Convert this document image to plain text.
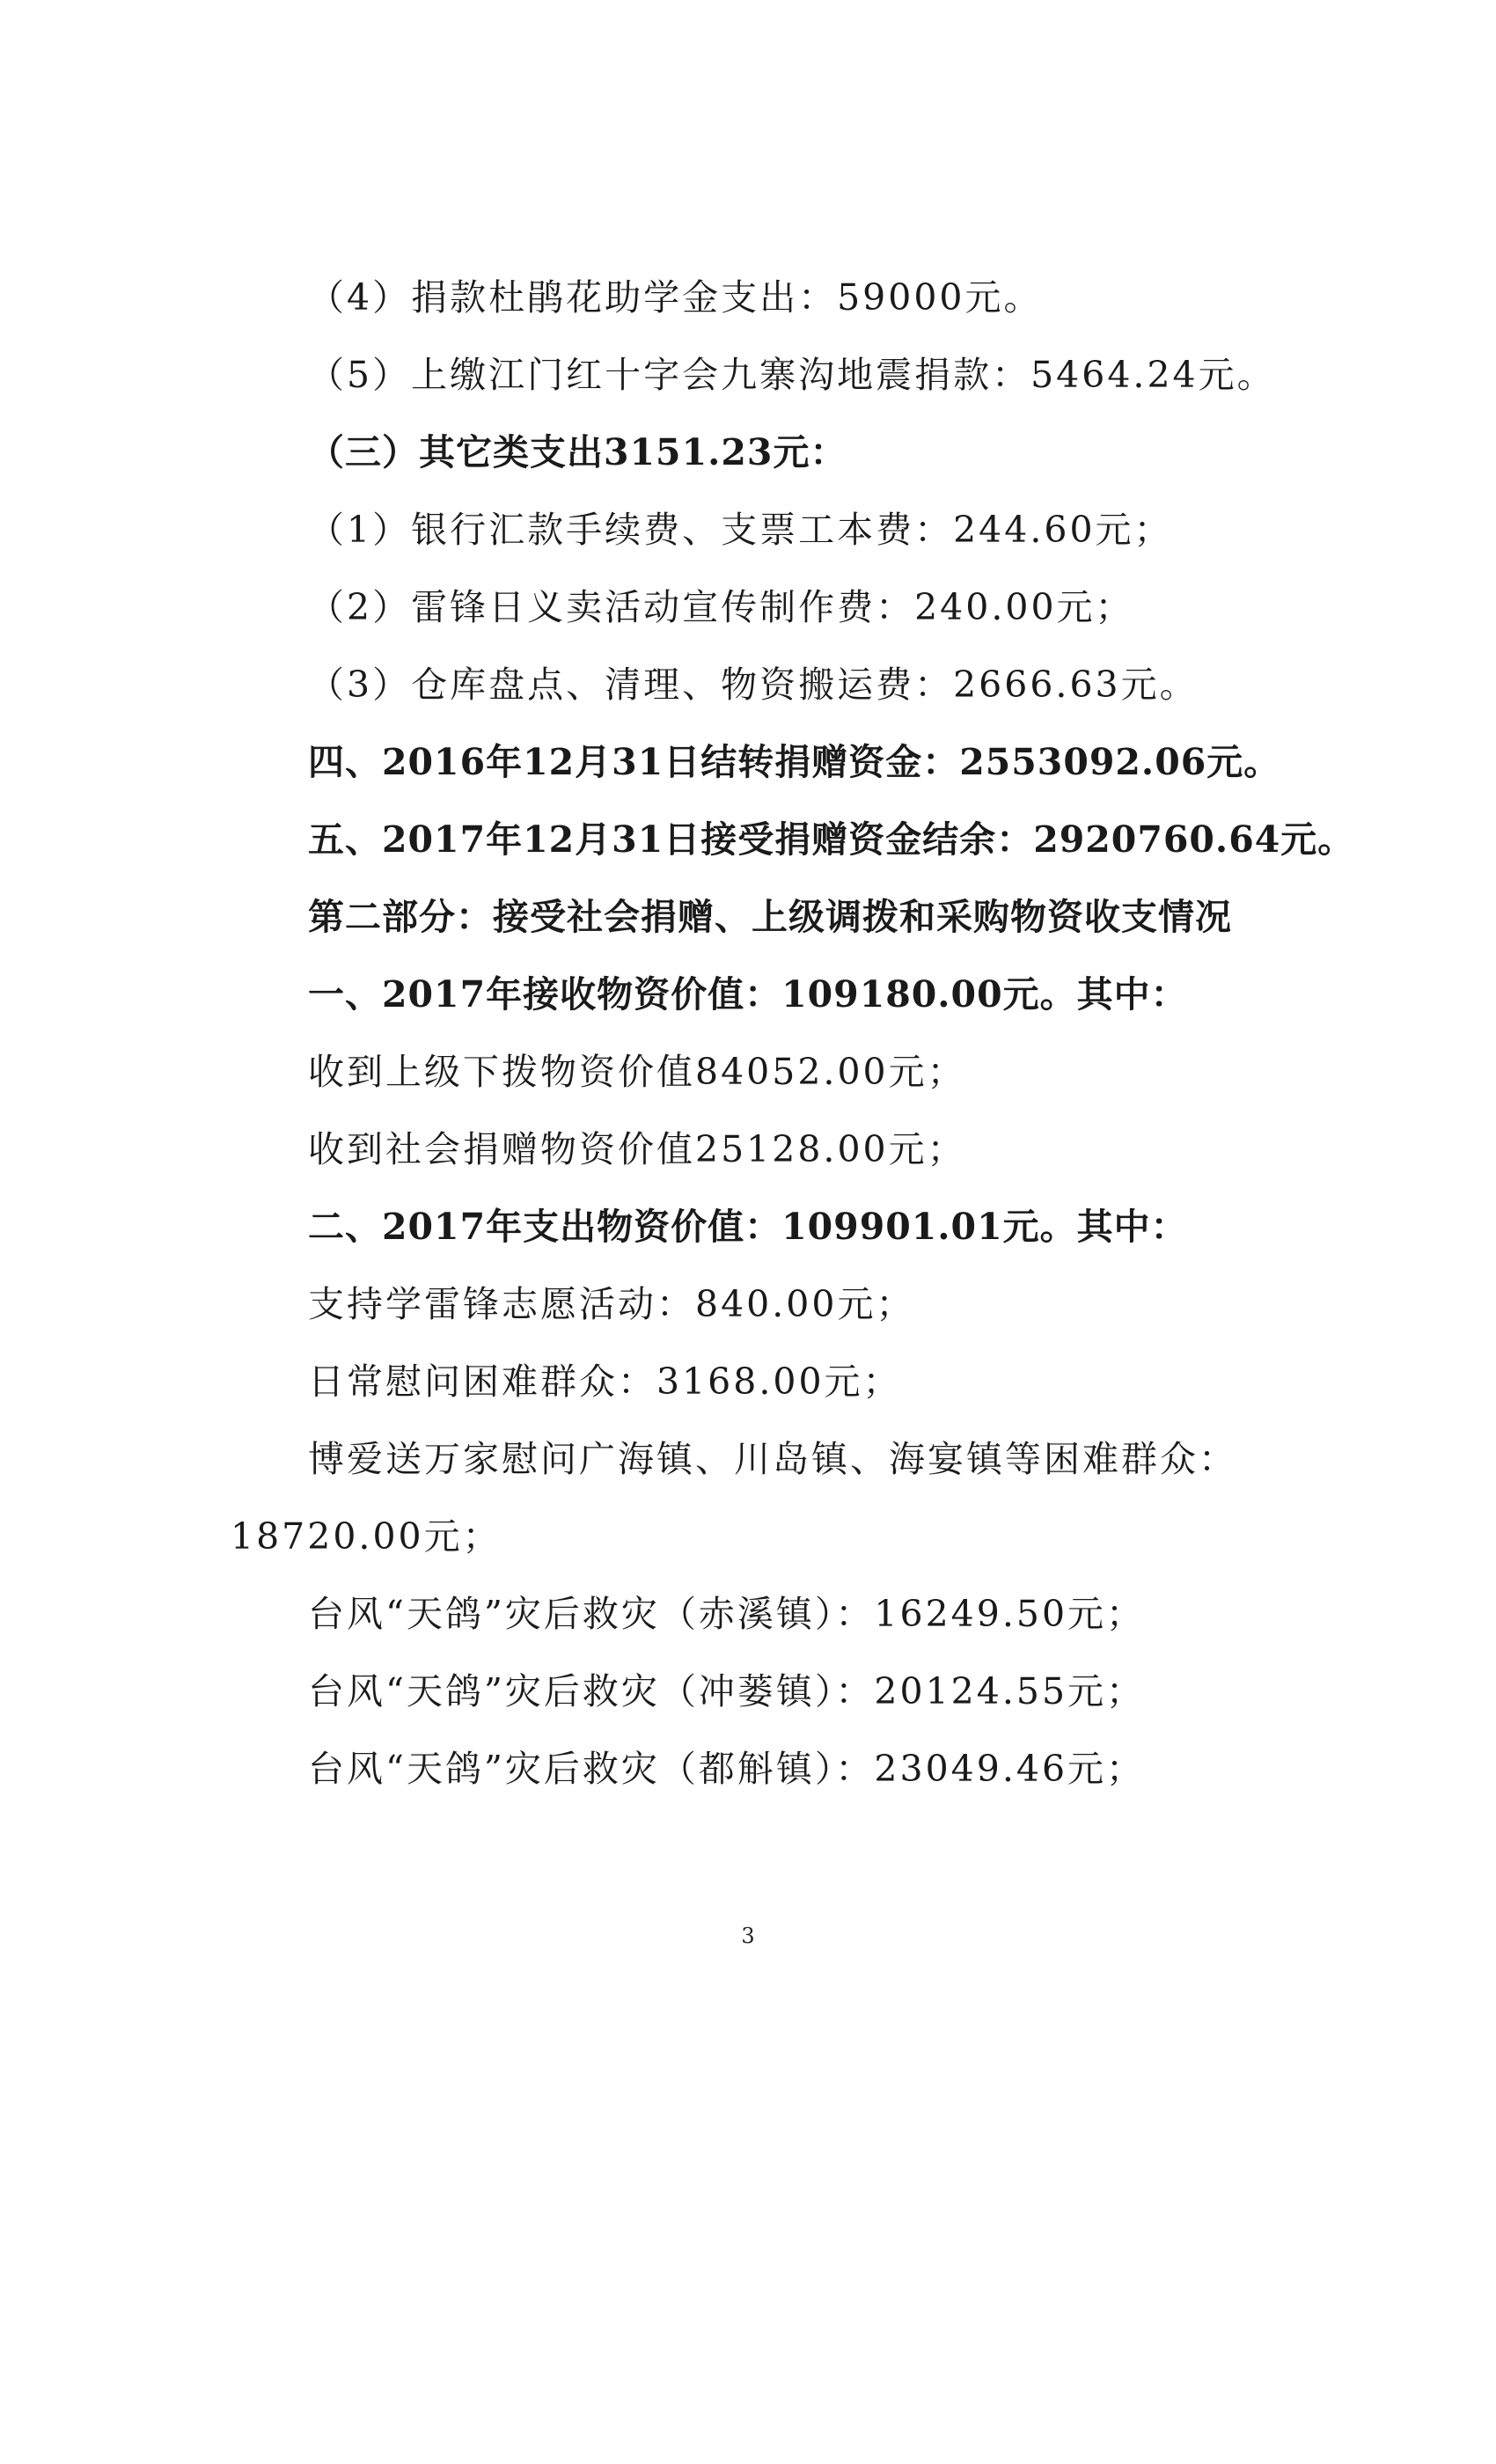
（4）捐款杜鹃花助学金支出：59000元。
（5）上缴江门红十字会九寨沟地震捐款：5464.24元。
（三）其它类支出3151.23元：
（1）银行汇款手续费、支票工本费：244.60元；
（2）雷锋日义卖活动宣传制作费：240.00元；
（3）仓库盘点、清理、物资搬运费：2666.63元。
四、2016年12月31日结转捐赠资金：2553092.06元。
五、2017年12月31日接受捐赠资金结余：2920760.64元。
第二部分：接受社会捐赠、上级调拨和采购物资收支情况
一、2017年接收物资价值：109180.00元。其中：
收到上级下拨物资价值84052.00元；
收到社会捐赠物资价值25128.00元；
二、2017年支出物资价值：109901.01元。其中：
支持学雷锋志愿活动：840.00元；
日常慰问困难群众：3168.00元；
博爱送万家慰问广海镇、川岛镇、海宴镇等困难群众：
18720.00元；
台风“天鸽”灾后救灾（赤溪镇）：16249.50元；
台风“天鸽”灾后救灾（冲蒌镇）：20124.55元；
台风“天鸽”灾后救灾（都斛镇）：23049.46元；
3
